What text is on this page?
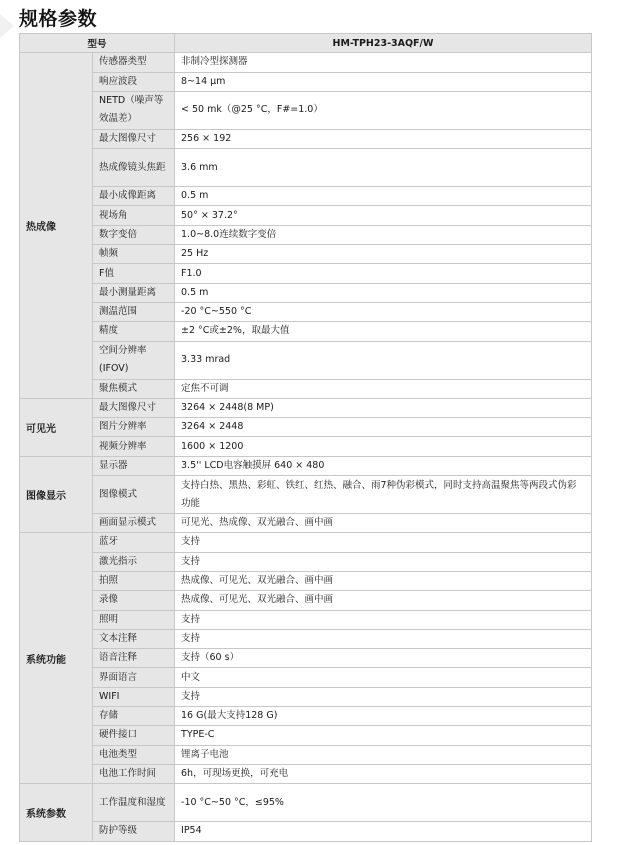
规格参数
型号		HM-TPH23-3AQF/W
热成像	传感器类型	非制冷型探测器
	响应波段	8~14 μm
	NETD（噪声等效温差）	< 50 mk（@25 °C，F#=1.0）
	最大图像尺寸	256 × 192
	热成像镜头焦距	3.6 mm
	最小成像距离	0.5 m
	视场角	50° × 37.2°
	数字变倍	1.0~8.0连续数字变倍
	帧频	25 Hz
	F值	F1.0
	最小测量距离	0.5 m
	测温范围	-20 °C~550 °C
	精度	±2 °C或±2%，取最大值
	空间分辨率(IFOV)	3.33 mrad
	聚焦模式	定焦不可调
可见光	最大图像尺寸	3264 × 2448(8 MP)
	图片分辨率	3264 × 2448
	视频分辨率	1600 × 1200
图像显示	显示器	3.5'' LCD电容触摸屏 640 × 480
	图像模式	支持白热、黑热、彩虹、铁红、红热、融合、雨7种伪彩模式，同时支持高温聚焦等两段式伪彩功能
	画面显示模式	可见光、热成像、双光融合、画中画
系统功能	蓝牙	支持
	激光指示	支持
	拍照	热成像、可见光、双光融合、画中画
	录像	热成像、可见光、双光融合、画中画
	照明	支持
	文本注释	支持
	语音注释	支持（60 s）
	界面语言	中文
	WIFI	支持
	存储	16 G(最大支持128 G)
	硬件接口	TYPE-C
	电池类型	锂离子电池
	电池工作时间	6h，可现场更换，可充电
系统参数	工作温度和湿度	-10 °C~50 °C，≤95%
	防护等级	IP54
